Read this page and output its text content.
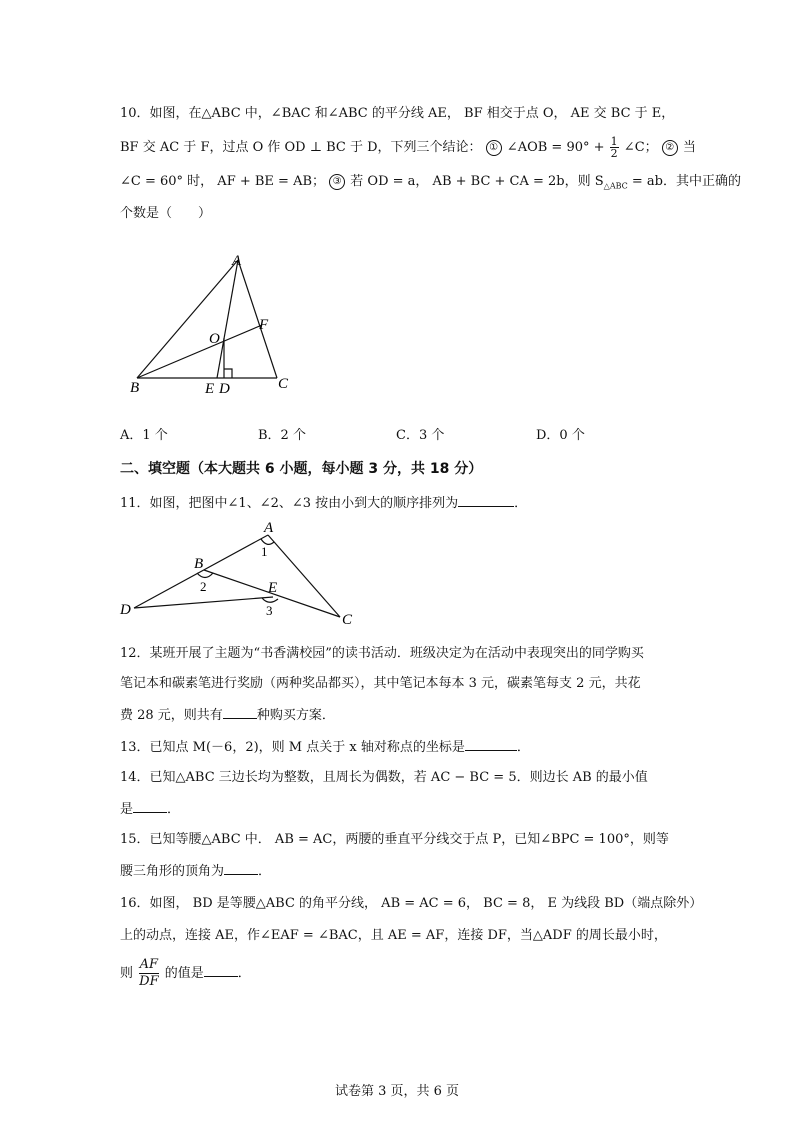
10．如图，在△ABC 中，∠BAC 和∠ABC 的平分线 AE， BF 相交于点 O， AE 交 BC 于 E，
BF 交 AC 于 F，过点 O 作 OD ⊥ BC 于 D，下列三个结论： ① ∠AOB = $90^\circ + \frac{1}{2}$ ∠C； ② 当
∠C = 60° 时， AF + BE = AB； ③ 若 OD = a， AB + BC + CA = 2b，则 $S_{\triangle ABC}$ = ab．其中正确的
个数是（　　）
A
B	C
O
F
E D
A．1 个	B．2 个	C．3 个	D．0 个
二、填空题（本大题共 6 小题，每小题 3 分，共 18 分）
11．如图，把图中∠1、∠2、∠3 按由小到大的顺序排列为	．
A
B
C
D
E
1
2
3
12．某班开展了主题为“书香满校园”的读书活动．班级决定为在活动中表现突出的同学购买
笔记本和碳素笔进行奖励（两种奖品都买），其中笔记本每本 3 元，碳素笔每支 2 元，共花
费 28 元，则共有	种购买方案．
13．已知点 M(－6，2)，则 M 点关于 x 轴对称点的坐标是	．
14．已知△ABC 三边长均为整数，且周长为偶数，若 AC − BC = 5．则边长 AB 的最小值
是	．
15．已知等腰△ABC 中． AB = AC，两腰的垂直平分线交于点 P，已知∠BPC = 100°，则等
腰三角形的顶角为	．
16．如图， BD 是等腰△ABC 的角平分线， AB = AC = 6， BC = 8， E 为线段 BD（端点除外）
上的动点，连接 AE，作∠EAF = ∠BAC，且 AE = AF，连接 DF，当△ADF 的周长最小时，
则 $\frac{AF}{DF}$ 的值是	．
试卷第 3 页，共 6 页
